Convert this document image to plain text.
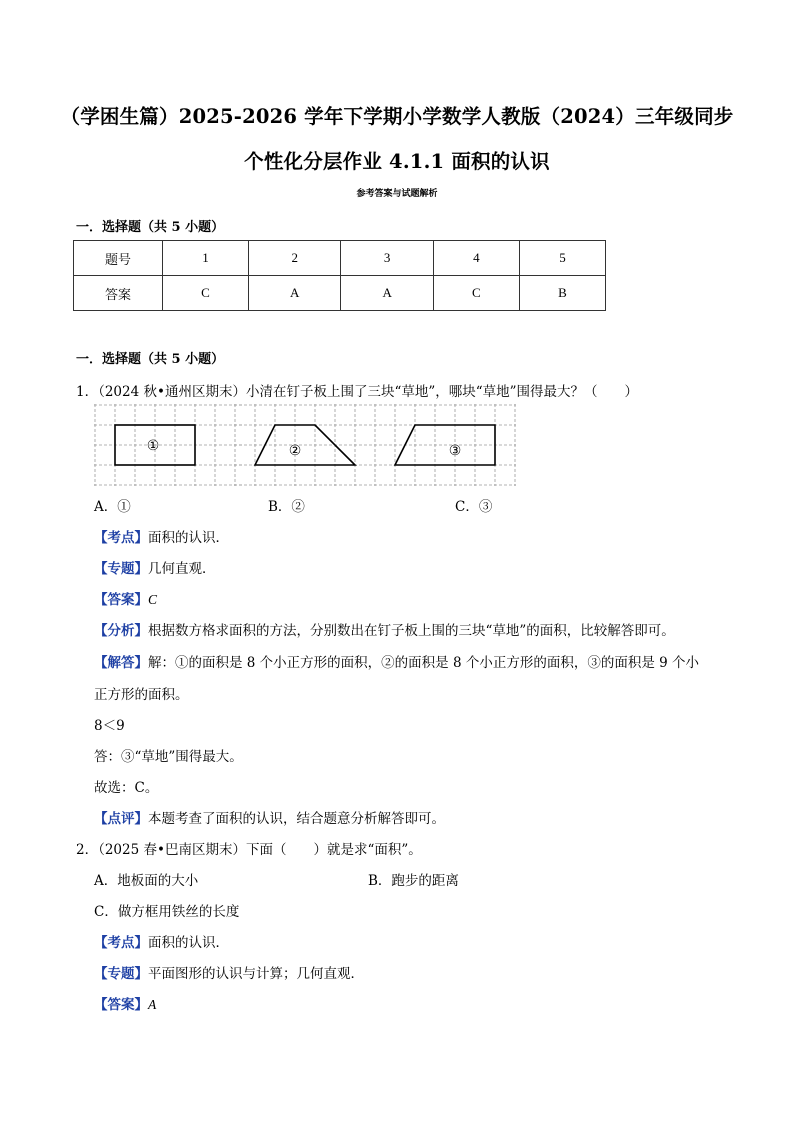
（学困生篇）2025-2026 学年下学期小学数学人教版（2024）三年级同步
个性化分层作业 4.1.1 面积的认识
参考答案与试题解析
一．选择题（共 5 小题）
题号	1	2	3	4	5
答案	C	A	A	C	B
一．选择题（共 5 小题）
1．（2024 秋•通州区期末）小清在钉子板上围了三块“草地”，哪块“草地”围得最大？（　　）
①	②	③
A．①	B．②	C．③
【考点】面积的认识．
【专题】几何直观．
【答案】C
【分析】根据数方格求面积的方法，分别数出在钉子板上围的三块“草地”的面积，比较解答即可。
【解答】解：①的面积是 8 个小正方形的面积，②的面积是 8 个小正方形的面积，③的面积是 9 个小
正方形的面积。
8＜9
答：③“草地”围得最大。
故选：C。
【点评】本题考查了面积的认识，结合题意分析解答即可。
2．（2025 春•巴南区期末）下面（　　）就是求“面积”。
A．地板面的大小	B．跑步的距离
C．做方框用铁丝的长度
【考点】面积的认识．
【专题】平面图形的认识与计算；几何直观．
【答案】A
